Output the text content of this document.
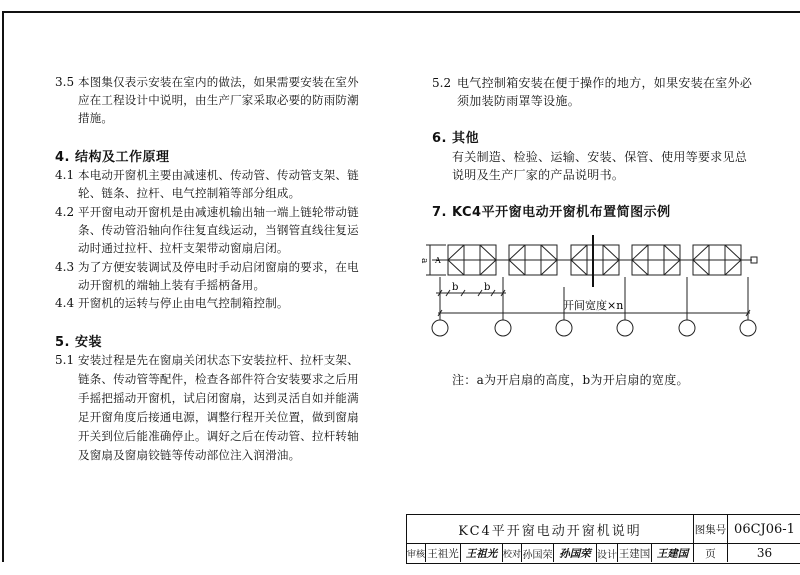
3.5 本图集仅表示安装在室内的做法，如果需要安装在室外
应在工程设计中说明，由生产厂家采取必要的防雨防潮
措施。
4. 结构及工作原理
4.1 本电动开窗机主要由减速机、传动管、传动管支架、链
轮、链条、拉杆、电气控制箱等部分组成。
4.2 平开窗电动开窗机是由减速机输出轴一端上链轮带动链
条、传动管沿轴向作往复直线运动，当钢管直线往复运
动时通过拉杆、拉杆支架带动窗扇启闭。
4.3 为了方便安装调试及停电时手动启闭窗扇的要求，在电
动开窗机的端轴上装有手摇柄备用。
4.4 开窗机的运转与停止由电气控制箱控制。
5. 安装
5.1 安装过程是先在窗扇关闭状态下安装拉杆、拉杆支架、
链条、传动管等配件，检查各部件符合安装要求之后用
手摇把摇动开窗机，试启闭窗扇，达到灵活自如并能满
足开窗角度后接通电源，调整行程开关位置，做到窗扇
开关到位后能准确停止。调好之后在传动管、拉杆转轴
及窗扇及窗扇铰链等传动部位注入润滑油。
5.2 电气控制箱安装在便于操作的地方，如果安装在室外必
须加装防雨罩等设施。
6. 其他
有关制造、检验、运输、安装、保管、使用等要求见总
说明及生产厂家的产品说明书。
7. KC4平开窗电动开窗机布置简图示例
a A
b	b
开间宽度×n
注：a为开启扇的高度，b为开启扇的宽度。
KC4平开窗电动开窗机说明	图集号 06CJ06-1
审核 王祖光 王祖光 校对 孙国荣 孙国荣 设计 王建国 王建国	页	36
